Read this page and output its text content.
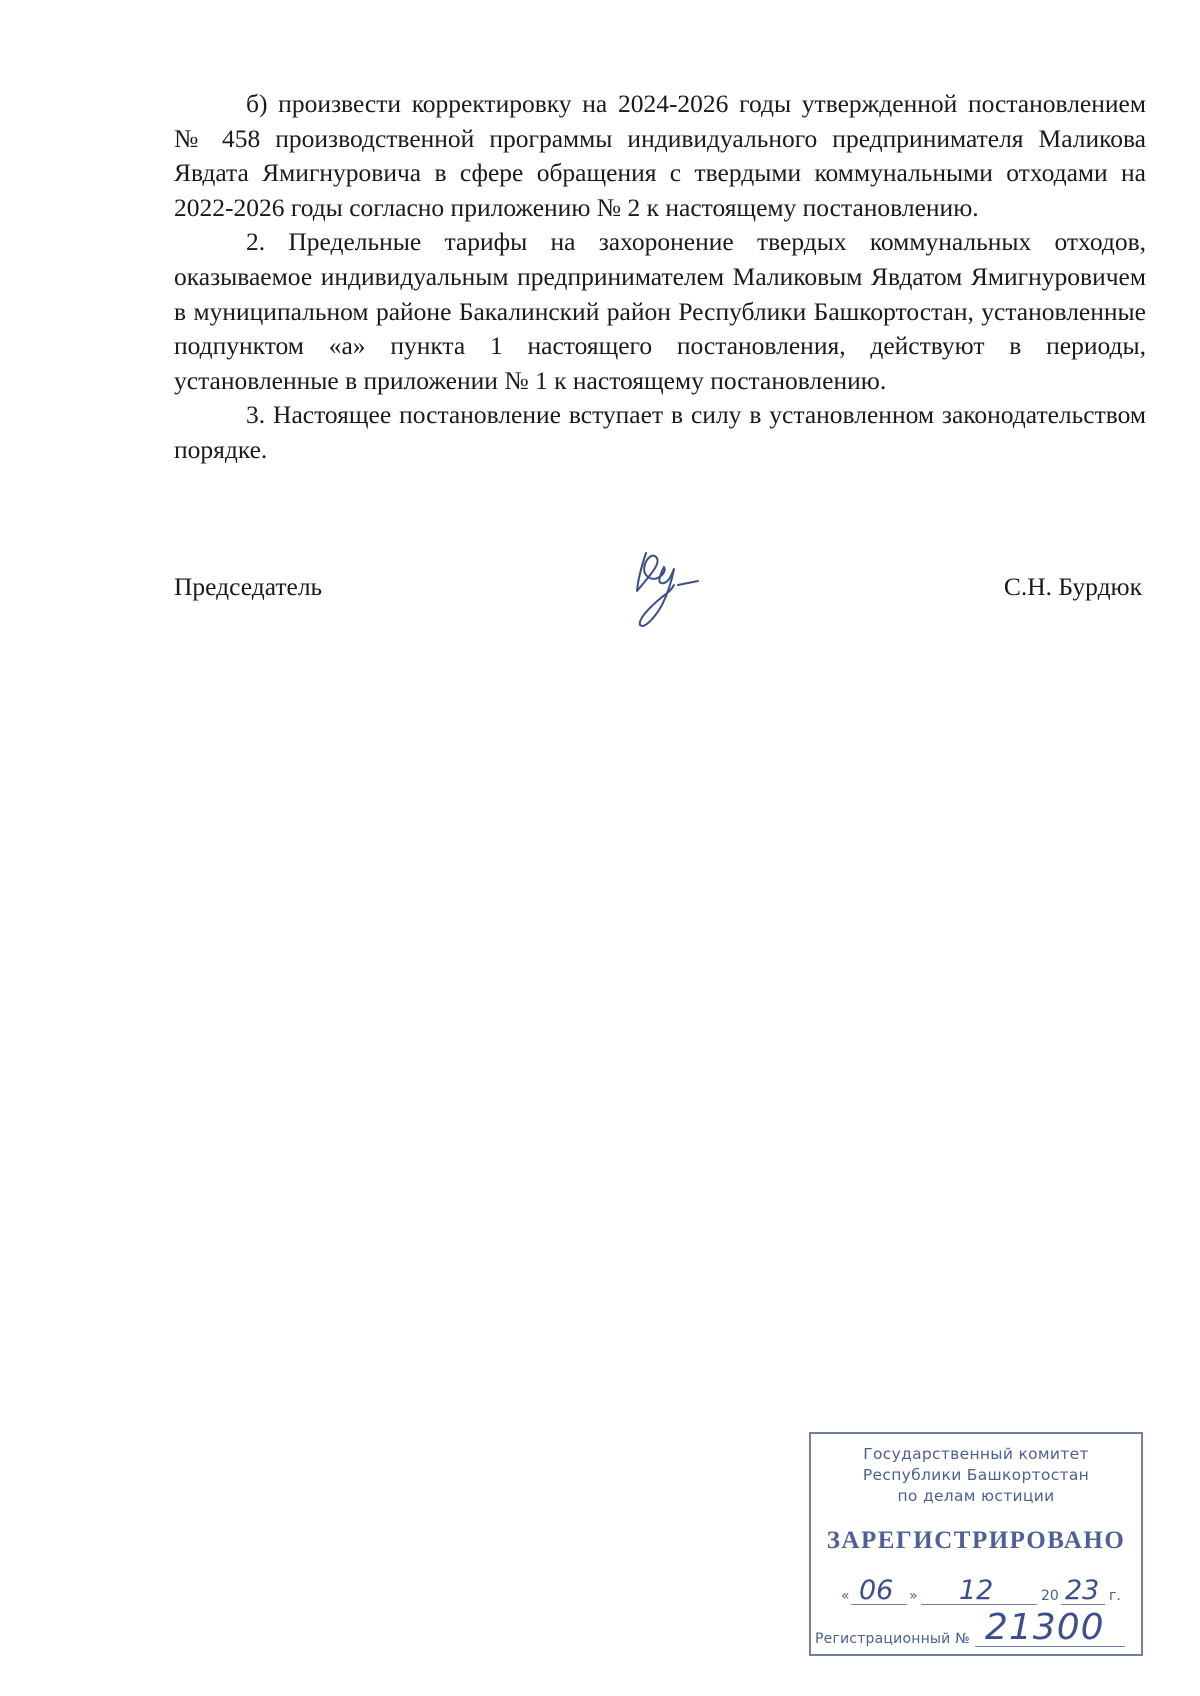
б) произвести корректировку на 2024-2026 годы утвержденной постановлением № 458 производственной программы индивидуального предпринимателя Маликова Явдата Ямигнуровича в сфере обращения с твердыми коммунальными отходами на 2022-2026 годы согласно приложению № 2 к настоящему постановлению.

2. Предельные тарифы на захоронение твердых коммунальных отходов, оказываемое индивидуальным предпринимателем Маликовым Явдатом Ямигнуровичем в муниципальном районе Бакалинский район Республики Башкортостан, установленные подпунктом «а» пункта 1 настоящего постановления, действуют в периоды, установленные в приложении № 1 к настоящему постановлению.

3. Настоящее постановление вступает в силу в установленном законодательством порядке.

Председатель	С.Н. Бурдюк
Государственный комитет
Республики Башкортостан
по делам юстиции
ЗАРЕГИСТРИРОВАНО
« 06 » 12	20 23 г.
Регистрационный № 21300
